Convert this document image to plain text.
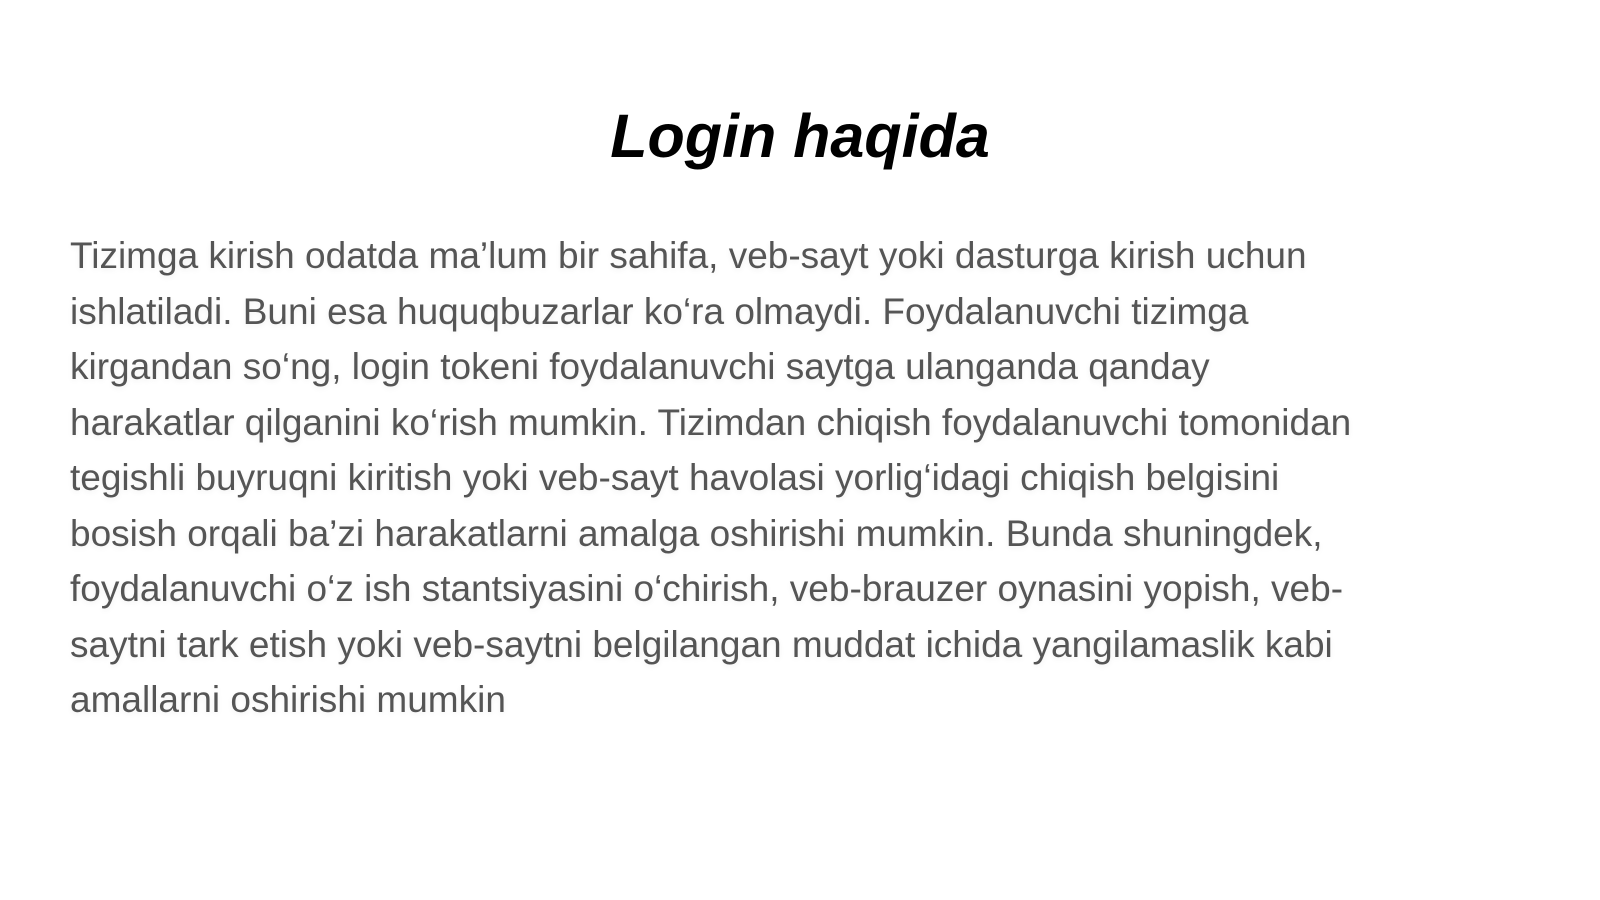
Login haqida

Tizimga kirish odatda ma’lum bir sahifa, veb-sayt yoki dasturga kirish uchun ishlatiladi. Buni esa huquqbuzarlar ko‘ra olmaydi. Foydalanuvchi tizimga kirgandan so‘ng, login tokeni foydalanuvchi saytga ulanganda qanday harakatlar qilganini ko‘rish mumkin. Tizimdan chiqish foydalanuvchi tomonidan tegishli buyruqni kiritish yoki veb-sayt havolasi yorlig‘idagi chiqish belgisini bosish orqali ba’zi harakatlarni amalga oshirishi mumkin. Bunda shuningdek, foydalanuvchi o‘z ish stantsiyasini o‘chirish, veb-brauzer oynasini yopish, veb-saytni tark etish yoki veb-saytni belgilangan muddat ichida yangilamaslik kabi amallarni oshirishi mumkin
